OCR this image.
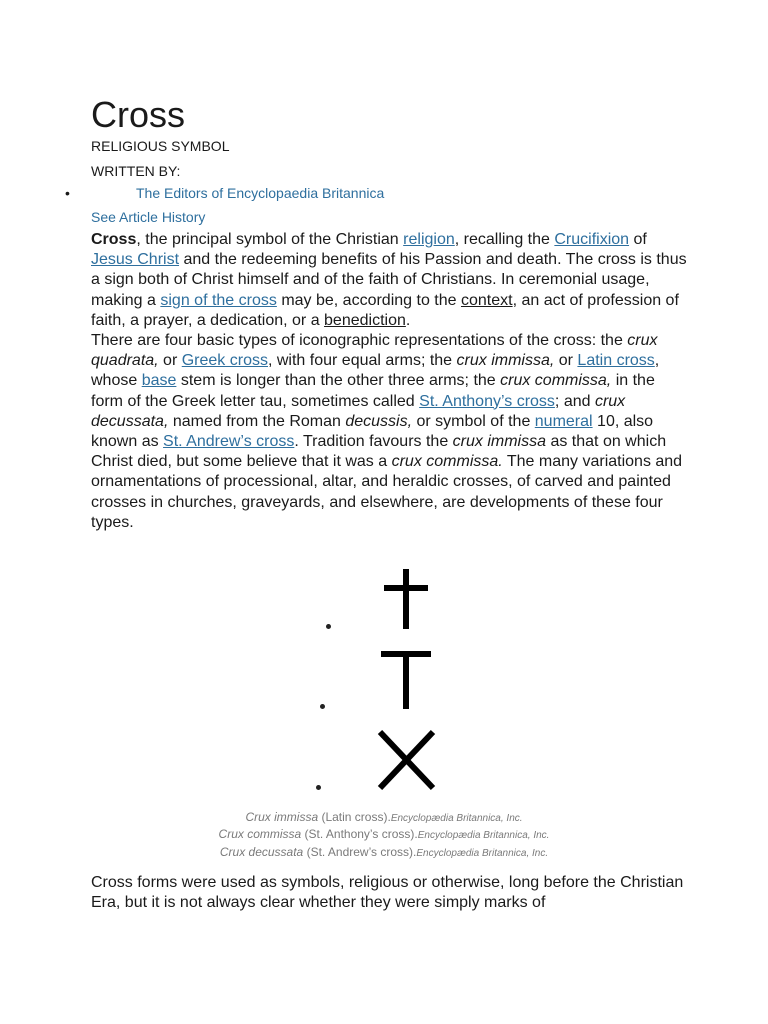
Cross
RELIGIOUS SYMBOL
WRITTEN BY:
•	The Editors of Encyclopaedia Britannica
See Article History

Cross, the principal symbol of the Christian religion, recalling the Crucifixion of Jesus Christ and the redeeming benefits of his Passion and death. The cross is thus a sign both of Christ himself and of the faith of Christians. In ceremonial usage, making a sign of the cross may be, according to the context, an act of profession of faith, a prayer, a dedication, or a benediction.

There are four basic types of iconographic representations of the cross: the crux quadrata, or Greek cross, with four equal arms; the crux immissa, or Latin cross, whose base stem is longer than the other three arms; the crux commissa, in the form of the Greek letter tau, sometimes called St. Anthony’s cross; and crux decussata, named from the Roman decussis, or symbol of the numeral 10, also known as St. Andrew’s cross. Tradition favours the crux immissa as that on which Christ died, but some believe that it was a crux commissa. The many variations and ornamentations of processional, altar, and heraldic crosses, of carved and painted crosses in churches, graveyards, and elsewhere, are developments of these four types.

Crux immissa (Latin cross).Encyclopædia Britannica, Inc.
Crux commissa (St. Anthony’s cross).Encyclopædia Britannica, Inc.
Crux decussata (St. Andrew’s cross).Encyclopædia Britannica, Inc.
Cross forms were used as symbols, religious or otherwise, long before the Christian Era, but it is not always clear whether they were simply marks of
